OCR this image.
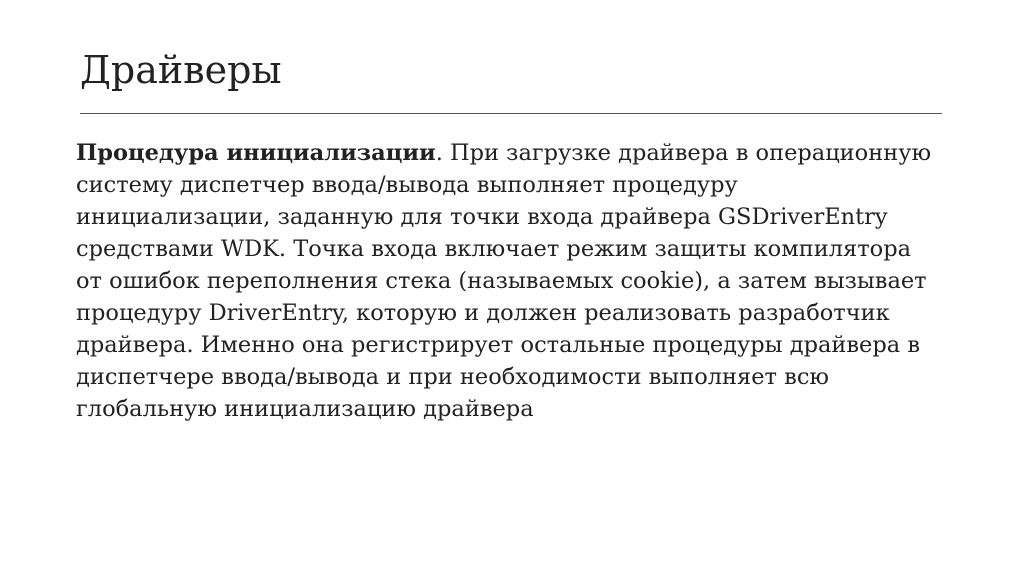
Драйверы

Процедура инициализации. При загрузке драйвера в операционную систему диспетчер ввода/вывода выполняет процедуру инициализации, заданную для точки входа драйвера GSDriverEntry средствами WDK. Точка входа включает режим защиты компилятора от ошибок переполнения стека (называемых cookie), а затем вызывает процедуру DriverEntry, которую и должен реализовать разработчик драйвера. Именно она регистрирует остальные процедуры драйвера в диспетчере ввода/вывода и при необходимости выполняет всю глобальную инициализацию драйвера
